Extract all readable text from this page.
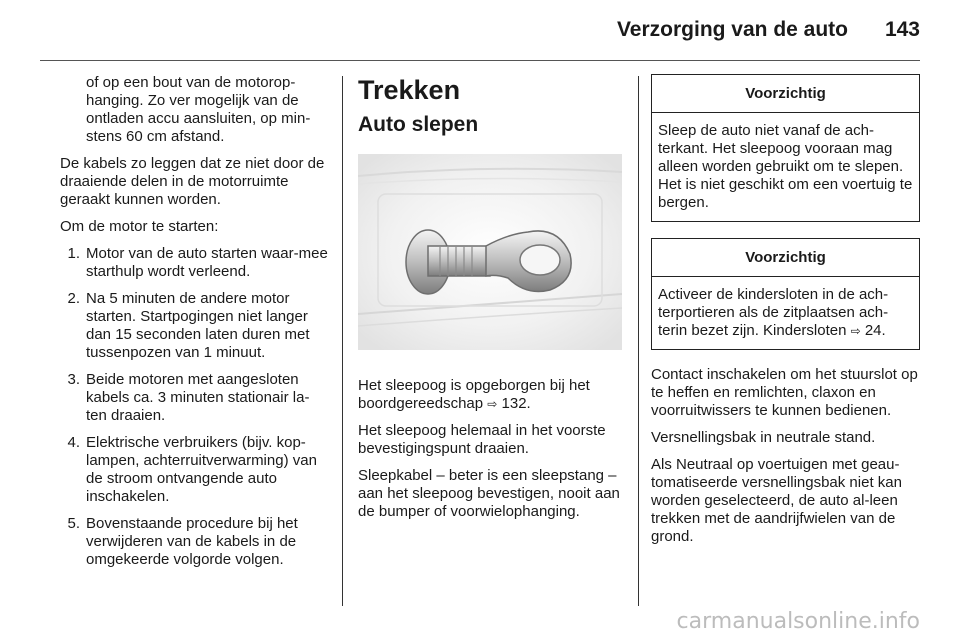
Verzorging van de auto 143

of op een bout van de motorop-hanging. Zo ver mogelijk van de ontladen accu aansluiten, op min-stens 60 cm afstand.

De kabels zo leggen dat ze niet door de draaiende delen in de motorruimte geraakt kunnen worden.

Om de motor te starten:

1. Motor van de auto starten waar-mee starthulp wordt verleend.
2. Na 5 minuten de andere motor starten. Startpogingen niet langer dan 15 seconden laten duren met tussenpozen van 1 minuut.
3. Beide motoren met aangesloten kabels ca. 3 minuten stationair la-ten draaien.
4. Elektrische verbruikers (bijv. kop-lampen, achterruitverwarming) van de stroom ontvangende auto inschakelen.
5. Bovenstaande procedure bij het verwijderen van de kabels in de omgekeerde volgorde volgen.
Trekken
Auto slepen

Het sleepoog is opgeborgen bij het boordgereedschap ⇨ 132.

Het sleepoog helemaal in het voorste bevestigingspunt draaien.

Sleepkabel – beter is een sleepstang – aan het sleepoog bevestigen, nooit aan de bumper of voorwielophanging.

Voorzichtig
Sleep de auto niet vanaf de ach-terkant. Het sleepoog vooraan mag alleen worden gebruikt om te slepen. Het is niet geschikt om een voertuig te bergen.
Voorzichtig
Activeer de kindersloten in de ach-terportieren als de zitplaatsen ach-terin bezet zijn. Kindersloten ⇨ 24.

Contact inschakelen om het stuurslot op te heffen en remlichten, claxon en voorruitwissers te kunnen bedienen.

Versnellingsbak in neutrale stand.

Als Neutraal op voertuigen met geau-tomatiseerde versnellingsbak niet kan worden geselecteerd, de auto al-leen trekken met de aandrijfwielen van de grond.

carmanualsonline.info
